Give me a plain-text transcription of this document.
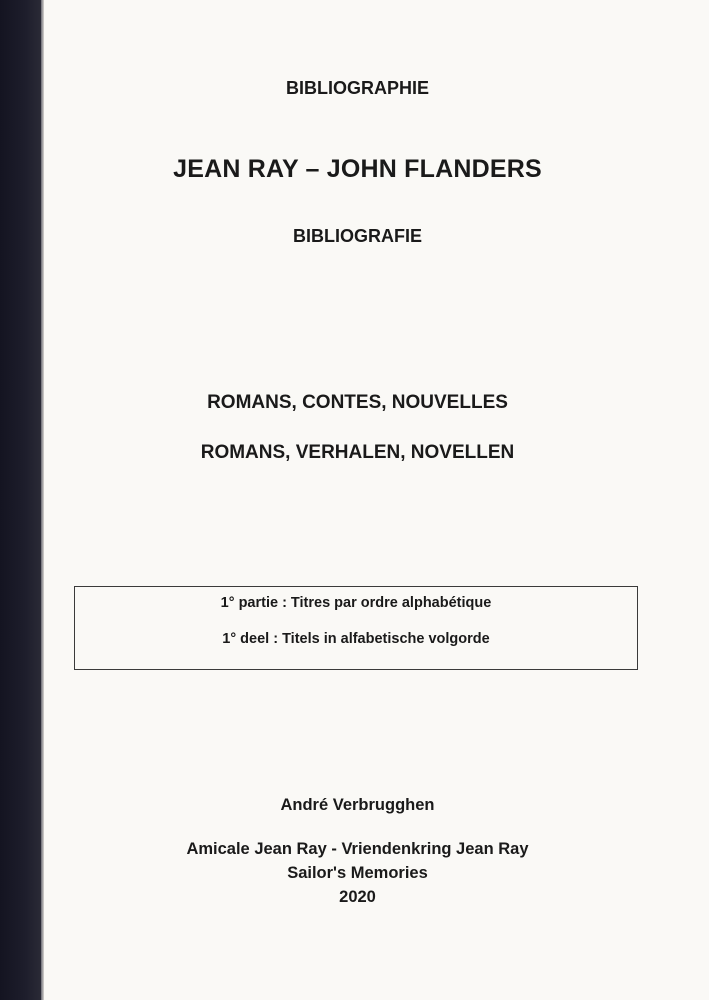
BIBLIOGRAPHIE
JEAN RAY – JOHN FLANDERS
BIBLIOGRAFIE
ROMANS, CONTES, NOUVELLES
ROMANS, VERHALEN, NOVELLEN
1° partie : Titres par ordre alphabétique
1° deel : Titels in alfabetische volgorde
André Verbrugghen
Amicale Jean Ray - Vriendenkring Jean Ray
Sailor's Memories
2020
